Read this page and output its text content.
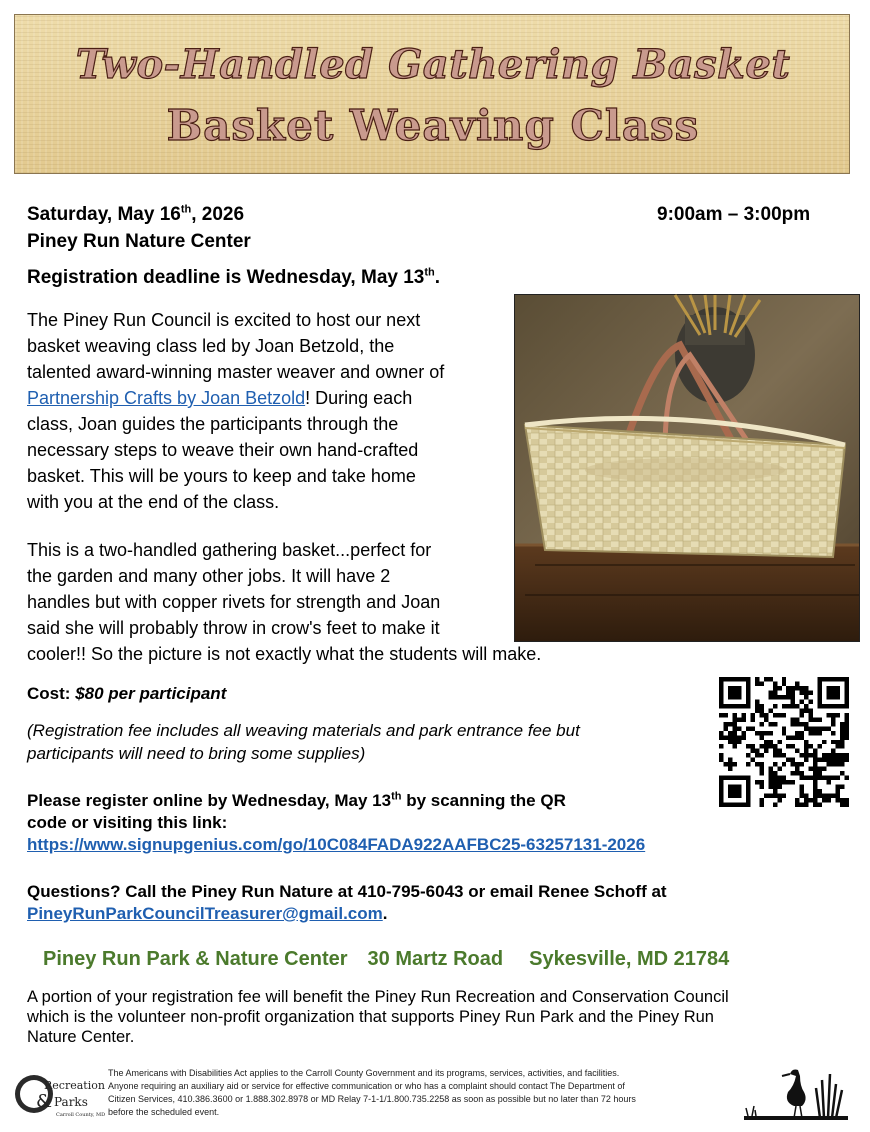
Two-Handled Gathering Basket
Basket Weaving Class
Saturday, May 16th, 2026	9:00am – 3:00pm
Piney Run Nature Center
Registration deadline is Wednesday, May 13th.
The Piney Run Council is excited to host our next
basket weaving class led by Joan Betzold, the
talented award-winning master weaver and owner of
Partnership Crafts by Joan Betzold! During each
class, Joan guides the participants through the
necessary steps to weave their own hand-crafted
basket. This will be yours to keep and take home
with you at the end of the class.
This is a two-handled gathering basket...perfect for
the garden and many other jobs. It will have 2
handles but with copper rivets for strength and Joan
said she will probably throw in crow's feet to make it
cooler!! So the picture is not exactly what the students will make.
Cost: $80 per participant
(Registration fee includes all weaving materials and park entrance fee but
participants will need to bring some supplies)
Please register online by Wednesday, May 13th by scanning the QR
code or visiting this link:
https://www.signupgenius.com/go/10C084FADA922AAFBC25-63257131-2026
Questions? Call the Piney Run Nature at 410-795-6043 or email Renee Schoff at
PineyRunParkCouncilTreasurer@gmail.com.
Piney Run Park & Nature Center 30 Martz Road Sykesville, MD 21784
A portion of your registration fee will benefit the Piney Run Recreation and Conservation Council
which is the volunteer non-profit organization that supports Piney Run Park and the Piney Run
Nature Center.
Recreation
& Parks
Carroll County, MD
The Americans with Disabilities Act applies to the Carroll County Government and its programs, services, activities, and facilities.
Anyone requiring an auxiliary aid or service for effective communication or who has a complaint should contact The Department of
Citizen Services, 410.386.3600 or 1.888.302.8978 or MD Relay 7-1-1/1.800.735.2258 as soon as possible but no later than 72 hours
before the scheduled event.
